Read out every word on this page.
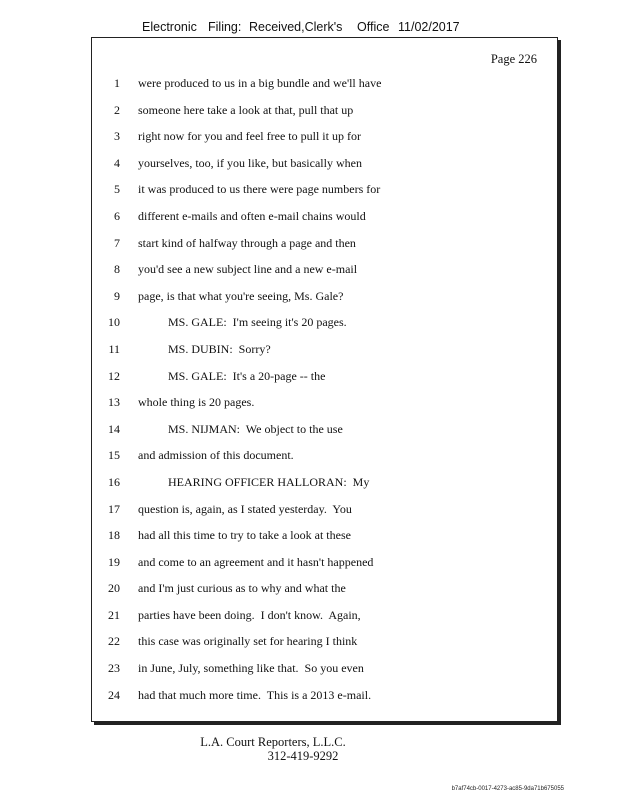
Electronic Filing: Received,Clerk's Office 11/02/2017
Page 226
1 were produced to us in a big bundle and we'll have
2 someone here take a look at that, pull that up
3 right now for you and feel free to pull it up for
4 yourselves, too, if you like, but basically when
5 it was produced to us there were page numbers for
6 different e-mails and often e-mail chains would
7 start kind of halfway through a page and then
8 you'd see a new subject line and a new e-mail
9 page, is that what you're seeing, Ms. Gale?
10 MS. GALE:  I'm seeing it's 20 pages.
11 MS. DUBIN:  Sorry?
12 MS. GALE:  It's a 20-page -- the
13 whole thing is 20 pages.
14 MS. NIJMAN:  We object to the use
15 and admission of this document.
16 HEARING OFFICER HALLORAN:  My
17 question is, again, as I stated yesterday.  You
18 had all this time to try to take a look at these
19 and come to an agreement and it hasn't happened
20 and I'm just curious as to why and what the
21 parties have been doing.  I don't know.  Again,
22 this case was originally set for hearing I think
23 in June, July, something like that.  So you even
24 had that much more time.  This is a 2013 e-mail.
L.A. Court Reporters, L.L.C.
312-419-9292
b7af74cb-0017-4273-ac85-9da71b675055
